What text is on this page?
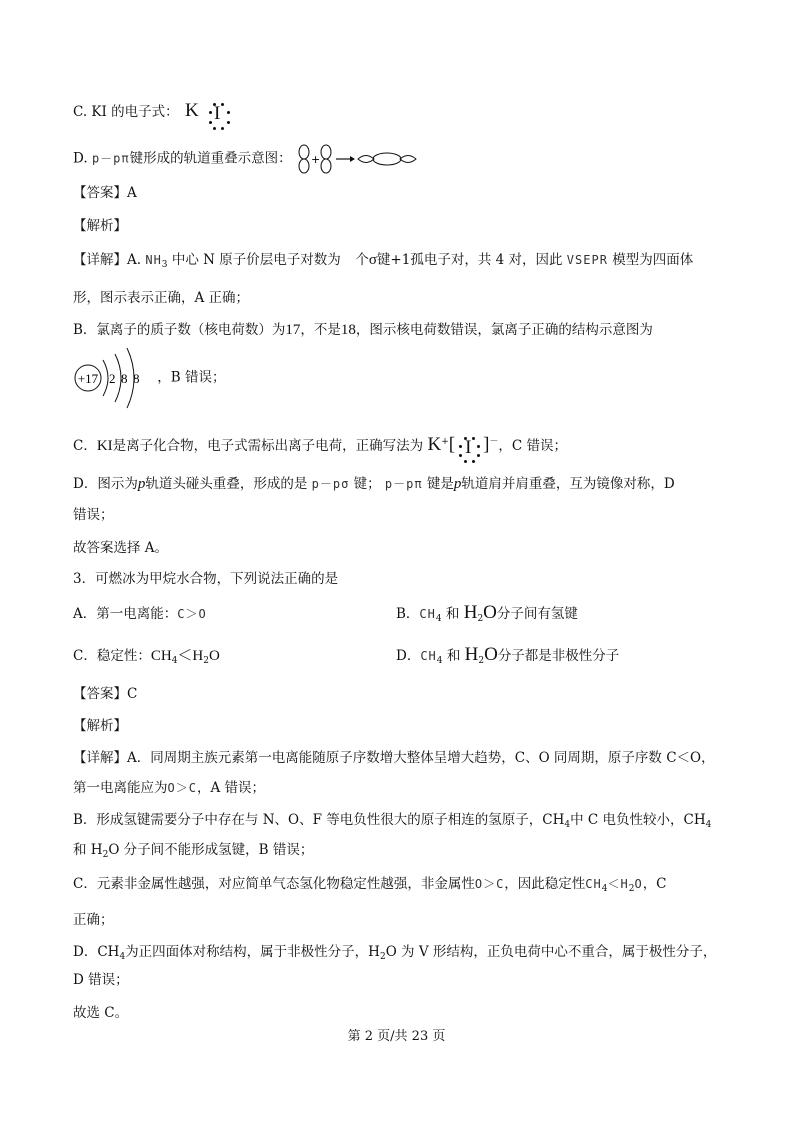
C. KI 的电子式： K I
D. p－pπ键形成的轨道重叠示意图： +
【答案】A
【解析】
【详解】A. $NH_3$ 中心 N 原子价层电子对数为 个σ键+1孤电子对，共 4 对，因此 VSEPR 模型为四面体
形，图示表示正确，A 正确；
B．氯离子的质子数（核电荷数）为17，不是18，图示核电荷数错误，氯离子正确的结构示意图为
+17 2 8 8 ，B 错误；
C．KI是离子化合物，电子式需标出离子电荷，正确写法为 K+[ I ]－，C 错误；
D．图示为p轨道头碰头重叠，形成的是 p－pσ 键； p－pπ 键是p轨道肩并肩重叠，互为镜像对称，D
错误；
故答案选择 A。
3．可燃冰为甲烷水合物，下列说法正确的是
A．第一电离能：C＞O	B．$CH_4$ 和 $H_2O$分子间有氢键
C．稳定性：$CH_4<H_2O$	D．$CH_4$ 和 $H_2O$分子都是非极性分子
【答案】C
【解析】
【详解】A．同周期主族元素第一电离能随原子序数增大整体呈增大趋势，C、O 同周期，原子序数 C＜O，
第一电离能应为O＞C，A 错误；
B．形成氢键需要分子中存在与 N、O、F 等电负性很大的原子相连的氢原子，$CH_4$中 C 电负性较小，$CH_4$
和 $H_2O$ 分子间不能形成氢键，B 错误；
C．元素非金属性越强，对应简单气态氢化物稳定性越强，非金属性O＞C，因此稳定性$CH_4<H_2O$，C
正确；
D．$CH_4$为正四面体对称结构，属于非极性分子，$H_2O$ 为 V 形结构，正负电荷中心不重合，属于极性分子，
D 错误；
故选 C。
第 2 页/共 23 页
